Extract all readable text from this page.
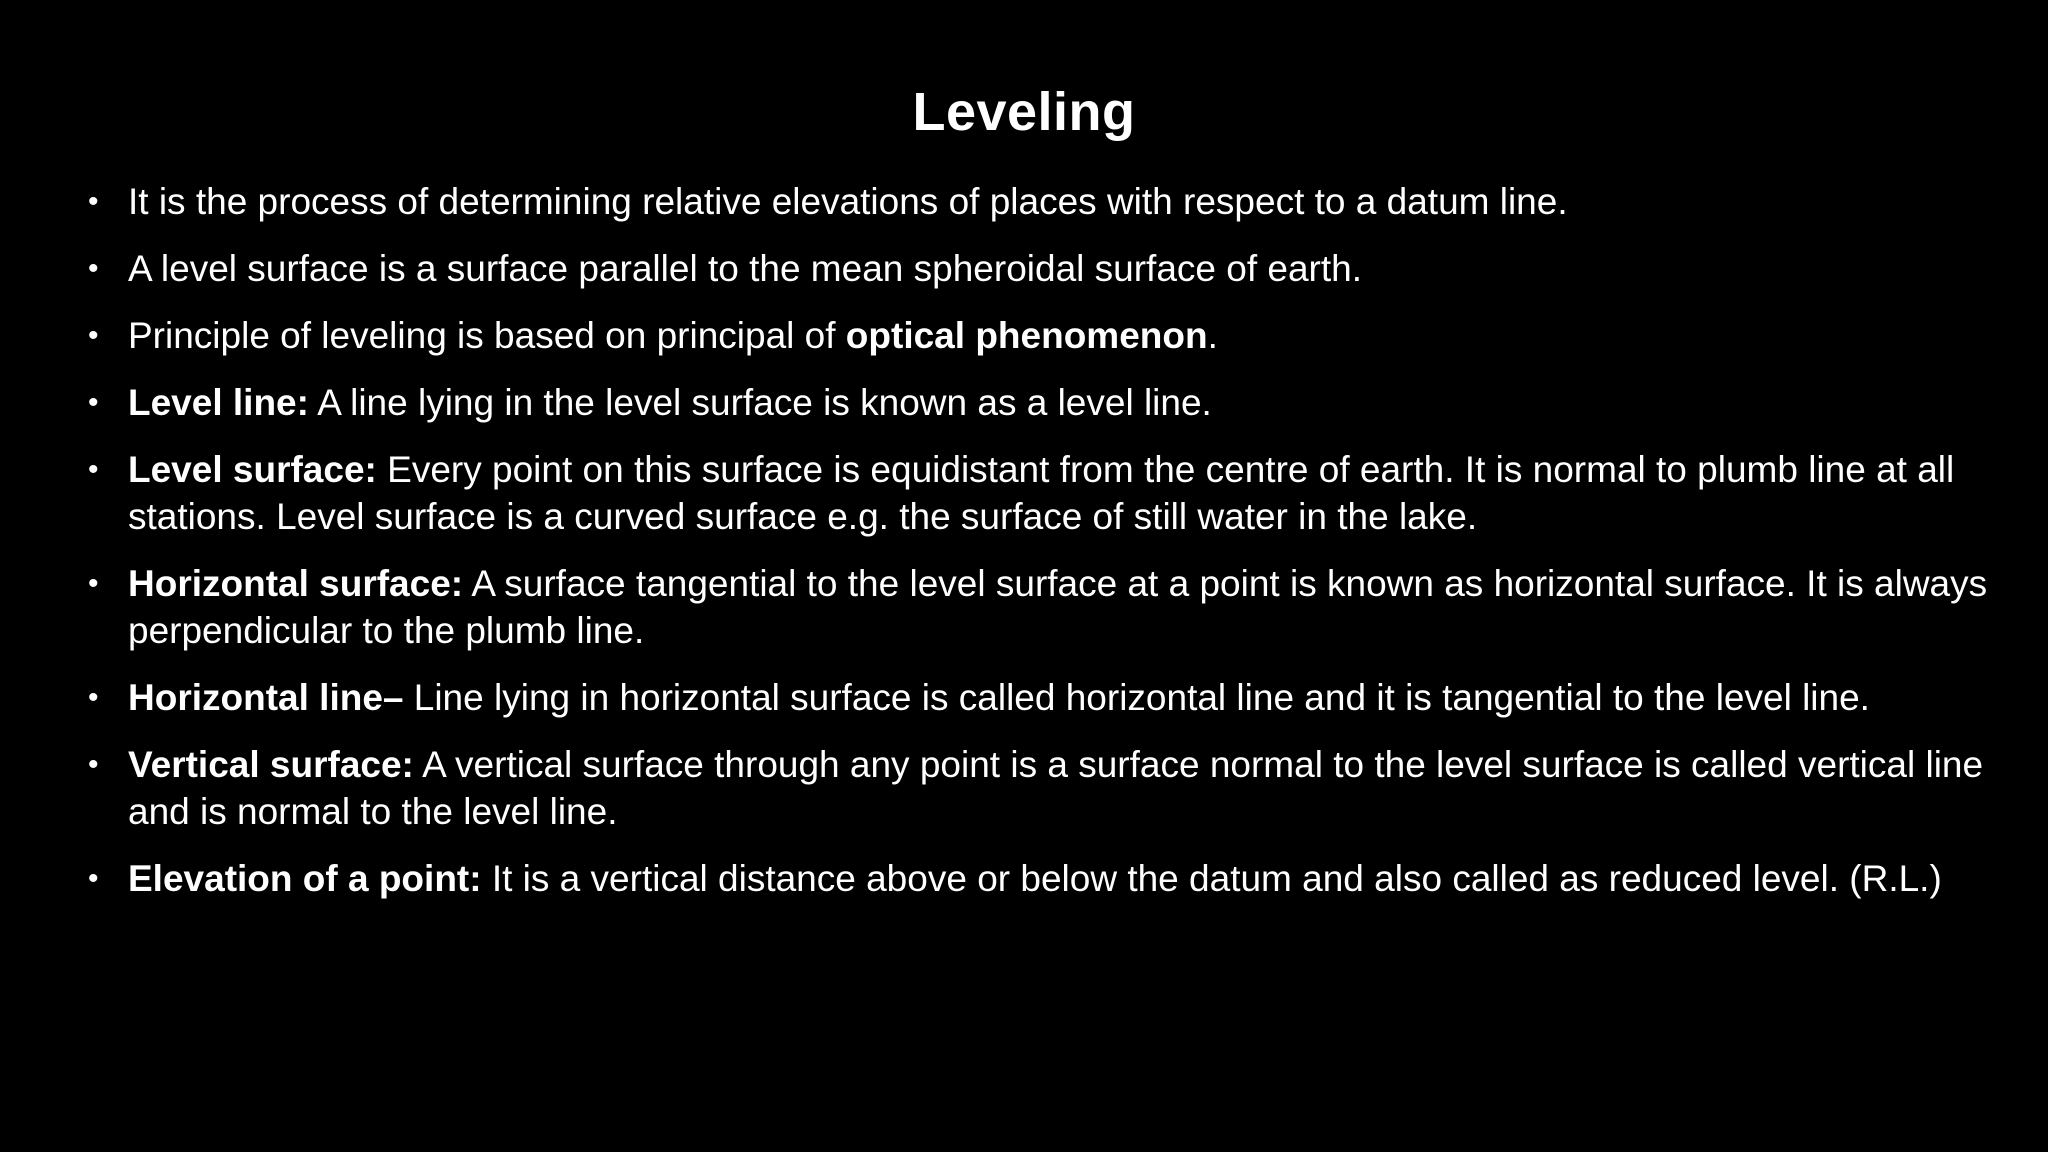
Leveling
• It is the process of determining relative elevations of places with respect to a datum line.
• A level surface is a surface parallel to the mean spheroidal surface of earth.
• Principle of leveling is based on principal of optical phenomenon.
• Level line: A line lying in the level surface is known as a level line.
• Level surface: Every point on this surface is equidistant from the centre of earth. It is normal to plumb line at all stations. Level surface is a curved surface e.g. the surface of still water in the lake.
• Horizontal surface: A surface tangential to the level surface at a point is known as horizontal surface. It is always perpendicular to the plumb line.
• Horizontal line– Line lying in horizontal surface is called horizontal line and it is tangential to the level line.
• Vertical surface: A vertical surface through any point is a surface normal to the level surface is called vertical line and is normal to the level line.
• Elevation of a point: It is a vertical distance above or below the datum and also called as reduced level. (R.L.)
